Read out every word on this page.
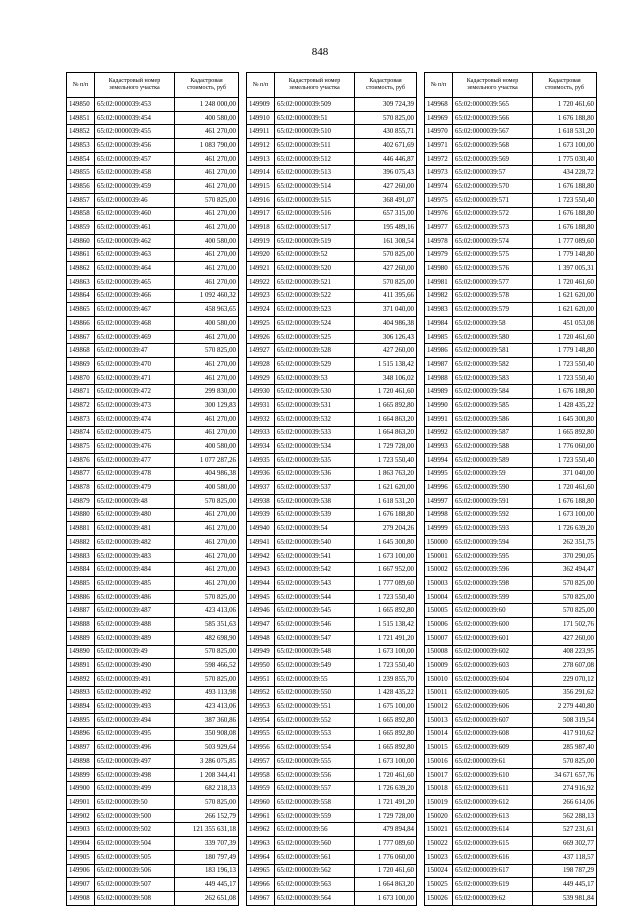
848
№ п/п	Кадастровый номер земельного участка	Кадастровая стоимость, руб
149850	65:02:0000039:453	1 248 000,00
149851	65:02:0000039:454	400 580,00
149852	65:02:0000039:455	461 270,00
149853	65:02:0000039:456	1 083 790,00
149854	65:02:0000039:457	461 270,00
149855	65:02:0000039:458	461 270,00
149856	65:02:0000039:459	461 270,00
149857	65:02:0000039:46	570 825,00
149858	65:02:0000039:460	461 270,00
149859	65:02:0000039:461	461 270,00
149860	65:02:0000039:462	400 580,00
149861	65:02:0000039:463	461 270,00
149862	65:02:0000039:464	461 270,00
149863	65:02:0000039:465	461 270,00
149864	65:02:0000039:466	1 092 460,32
149865	65:02:0000039:467	458 963,65
149866	65:02:0000039:468	400 580,00
149867	65:02:0000039:469	461 270,00
149868	65:02:0000039:47	570 825,00
149869	65:02:0000039:470	461 270,00
149870	65:02:0000039:471	461 270,00
149871	65:02:0000039:472	299 830,00
149872	65:02:0000039:473	300 129,83
149873	65:02:0000039:474	461 270,00
149874	65:02:0000039:475	461 270,00
149875	65:02:0000039:476	400 580,00
149876	65:02:0000039:477	1 077 287,26
149877	65:02:0000039:478	404 986,38
149878	65:02:0000039:479	400 580,00
149879	65:02:0000039:48	570 825,00
149880	65:02:0000039:480	461 270,00
149881	65:02:0000039:481	461 270,00
149882	65:02:0000039:482	461 270,00
149883	65:02:0000039:483	461 270,00
149884	65:02:0000039:484	461 270,00
149885	65:02:0000039:485	461 270,00
149886	65:02:0000039:486	570 825,00
149887	65:02:0000039:487	423 413,06
149888	65:02:0000039:488	585 351,63
149889	65:02:0000039:489	482 698,90
149890	65:02:0000039:49	570 825,00
149891	65:02:0000039:490	598 466,52
149892	65:02:0000039:491	570 825,00
149893	65:02:0000039:492	493 113,98
149894	65:02:0000039:493	423 413,06
149895	65:02:0000039:494	387 360,86
149896	65:02:0000039:495	350 908,08
149897	65:02:0000039:496	503 929,64
149898	65:02:0000039:497	3 286 075,85
149899	65:02:0000039:498	1 208 344,41
149900	65:02:0000039:499	682 218,33
149901	65:02:0000039:50	570 825,00
149902	65:02:0000039:500	266 152,79
149903	65:02:0000039:502	121 355 631,18
149904	65:02:0000039:504	339 707,39
149905	65:02:0000039:505	180 797,49
149906	65:02:0000039:506	183 196,13
149907	65:02:0000039:507	449 445,17
149908	65:02:0000039:508	262 651,08
№ п/п	Кадастровый номер земельного участка	Кадастровая стоимость, руб
149909	65:02:0000039:509	309 724,39
149910	65:02:0000039:51	570 825,00
149911	65:02:0000039:510	430 855,71
149912	65:02:0000039:511	402 671,69
149913	65:02:0000039:512	446 446,87
149914	65:02:0000039:513	396 075,43
149915	65:02:0000039:514	427 260,00
149916	65:02:0000039:515	368 491,07
149917	65:02:0000039:516	657 315,00
149918	65:02:0000039:517	195 489,16
149919	65:02:0000039:519	161 308,54
149920	65:02:0000039:52	570 825,00
149921	65:02:0000039:520	427 260,00
149922	65:02:0000039:521	570 825,00
149923	65:02:0000039:522	411 395,66
149924	65:02:0000039:523	371 040,00
149925	65:02:0000039:524	404 986,38
149926	65:02:0000039:525	306 126,43
149927	65:02:0000039:528	427 260,00
149928	65:02:0000039:529	1 515 138,42
149929	65:02:0000039:53	348 106,02
149930	65:02:0000039:530	1 720 461,60
149931	65:02:0000039:531	1 665 892,80
149932	65:02:0000039:532	1 664 863,20
149933	65:02:0000039:533	1 664 863,20
149934	65:02:0000039:534	1 729 728,00
149935	65:02:0000039:535	1 723 550,40
149936	65:02:0000039:536	1 863 763,20
149937	65:02:0000039:537	1 621 620,00
149938	65:02:0000039:538	1 618 531,20
149939	65:02:0000039:539	1 676 188,80
149940	65:02:0000039:54	279 204,26
149941	65:02:0000039:540	1 645 300,80
149942	65:02:0000039:541	1 673 100,00
149943	65:02:0000039:542	1 667 952,00
149944	65:02:0000039:543	1 777 089,60
149945	65:02:0000039:544	1 723 550,40
149946	65:02:0000039:545	1 665 892,80
149947	65:02:0000039:546	1 515 138,42
149948	65:02:0000039:547	1 721 491,20
149949	65:02:0000039:548	1 673 100,00
149950	65:02:0000039:549	1 723 550,40
149951	65:02:0000039:55	1 239 855,70
149952	65:02:0000039:550	1 428 435,22
149953	65:02:0000039:551	1 675 100,00
149954	65:02:0000039:552	1 665 892,80
149955	65:02:0000039:553	1 665 892,80
149956	65:02:0000039:554	1 665 892,80
149957	65:02:0000039:555	1 673 100,00
149958	65:02:0000039:556	1 720 461,60
149959	65:02:0000039:557	1 726 639,20
149960	65:02:0000039:558	1 721 491,20
149961	65:02:0000039:559	1 729 728,00
149962	65:02:0000039:56	479 894,84
149963	65:02:0000039:560	1 777 089,60
149964	65:02:0000039:561	1 776 060,00
149965	65:02:0000039:562	1 720 461,60
149966	65:02:0000039:563	1 664 863,20
149967	65:02:0000039:564	1 673 100,00
№ п/п	Кадастровый номер земельного участка	Кадастровая стоимость, руб
149968	65:02:0000039:565	1 720 461,60
149969	65:02:0000039:566	1 676 188,80
149970	65:02:0000039:567	1 618 531,20
149971	65:02:0000039:568	1 673 100,00
149972	65:02:0000039:569	1 775 030,40
149973	65:02:0000039:57	434 228,72
149974	65:02:0000039:570	1 676 188,80
149975	65:02:0000039:571	1 723 550,40
149976	65:02:0000039:572	1 676 188,80
149977	65:02:0000039:573	1 676 188,80
149978	65:02:0000039:574	1 777 089,60
149979	65:02:0000039:575	1 779 148,80
149980	65:02:0000039:576	1 397 005,31
149981	65:02:0000039:577	1 720 461,60
149982	65:02:0000039:578	1 621 620,00
149983	65:02:0000039:579	1 621 620,00
149984	65:02:0000039:58	451 053,08
149985	65:02:0000039:580	1 720 461,60
149986	65:02:0000039:581	1 779 148,80
149987	65:02:0000039:582	1 723 550,40
149988	65:02:0000039:583	1 723 550,40
149989	65:02:0000039:584	1 676 188,80
149990	65:02:0000039:585	1 428 435,22
149991	65:02:0000039:586	1 645 300,80
149992	65:02:0000039:587	1 665 892,80
149993	65:02:0000039:588	1 776 060,00
149994	65:02:0000039:589	1 723 550,40
149995	65:02:0000039:59	371 040,00
149996	65:02:0000039:590	1 720 461,60
149997	65:02:0000039:591	1 676 188,80
149998	65:02:0000039:592	1 673 100,00
149999	65:02:0000039:593	1 726 639,20
150000	65:02:0000039:594	262 351,75
150001	65:02:0000039:595	370 290,05
150002	65:02:0000039:596	362 494,47
150003	65:02:0000039:598	570 825,00
150004	65:02:0000039:599	570 825,00
150005	65:02:0000039:60	570 825,00
150006	65:02:0000039:600	171 502,76
150007	65:02:0000039:601	427 260,00
150008	65:02:0000039:602	408 223,95
150009	65:02:0000039:603	278 607,08
150010	65:02:0000039:604	229 070,12
150011	65:02:0000039:605	356 291,62
150012	65:02:0000039:606	2 279 440,80
150013	65:02:0000039:607	508 319,54
150014	65:02:0000039:608	417 910,62
150015	65:02:0000039:609	285 987,40
150016	65:02:0000039:61	570 825,00
150017	65:02:0000039:610	34 671 657,76
150018	65:02:0000039:611	274 916,92
150019	65:02:0000039:612	266 614,06
150020	65:02:0000039:613	562 288,13
150021	65:02:0000039:614	527 231,61
150022	65:02:0000039:615	669 302,77
150023	65:02:0000039:616	437 118,57
150024	65:02:0000039:617	198 787,29
150025	65:02:0000039:619	449 445,17
150026	65:02:0000039:62	539 981,84
